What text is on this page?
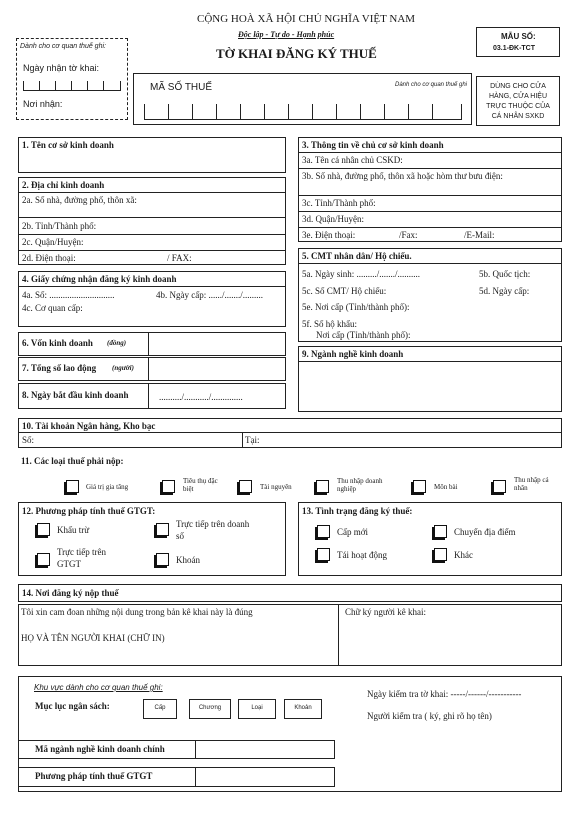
CỘNG HOÀ XÃ HỘI CHỦ NGHĨA VIỆT NAM
Độc lập - Tự do - Hạnh phúc
TỜ KHAI ĐĂNG KÝ THUẾ
MẪU SỐ:
03.1-ĐK-TCT
DÙNG CHO CỬA
HÀNG, CỬA HIỆU
TRỰC THUỘC CỦA
CÁ NHÂN SXKD
Dành cho cơ quan thuế ghi:
Ngày nhận tờ khai:
Nơi nhận:
MÃ SỐ THUẾ	Dành cho cơ quan thuế ghi
1. Tên cơ sở kinh doanh
2. Địa chỉ kinh doanh
2a. Số nhà, đường phố, thôn xã:
2b. Tỉnh/Thành phố:
2c. Quận/Huyện:
2d. Điện thoại:	/ FAX:
3. Thông tin về chủ cơ sở kinh doanh
3a. Tên cá nhân chủ CSKD:
3b. Số nhà, đường phố, thôn xã hoặc hòm thư bưu điện:
3c. Tỉnh/Thành phố:
3d. Quận/Huyện:
3e. Điện thoại:	/Fax:	/E-Mail:
4. Giấy chứng nhận đăng ký kinh doanh
4a. Số: .............................	4b. Ngày cấp: ....../......./.........
4c. Cơ quan cấp:
5. CMT nhân dân/ Hộ chiếu.
5a. Ngày sinh: ........./......./..........	5b. Quốc tịch:
5c. Số CMT/ Hộ chiếu:	5d. Ngày cấp:
5e. Nơi cấp (Tỉnh/thành phố):
5f. Số hộ khẩu:
Nơi cấp (Tỉnh/thành phố):
6. Vốn kinh doanh (đồng)
7. Tổng số lao động (người)
8. Ngày bắt đầu kinh doanh	........../.........../..............
9. Ngành nghề kinh doanh
10. Tài khoản Ngân hàng, Kho bạc
Số:	Tại:
11. Các loại thuế phải nộp:
Giá trị gia tăng
Tiêu thụ đặc biệt	Tài nguyên
Thu nhập doanh nghiệp	Môn bài
Thu nhập cá nhân
12. Phương pháp tính thuế GTGT:
Khấu trừ
Trực tiếp trên doanh
số
Trực tiếp trên
GTGT	Khoán
13. Tình trạng đăng ký thuế:
Cấp mới	Chuyển địa điểm
Tái hoạt động	Khác
14. Nơi đăng ký nộp thuế
Tôi xin cam đoan những nội dung trong bản kê khai này là đúng	Chữ ký người kê khai:
HỌ VÀ TÊN NGƯỜI KHAI (CHỮ IN)
Khu vực dành cho cơ quan thuế ghi:
Mục lục ngân sách:	Cấp	Chương	Loại	Khoản
Ngày kiểm tra tờ khai: -----/------/-----------
Người kiểm tra ( ký, ghi rõ họ tên)
Mã ngành nghề kinh doanh chính
Phương pháp tính thuế GTGT
